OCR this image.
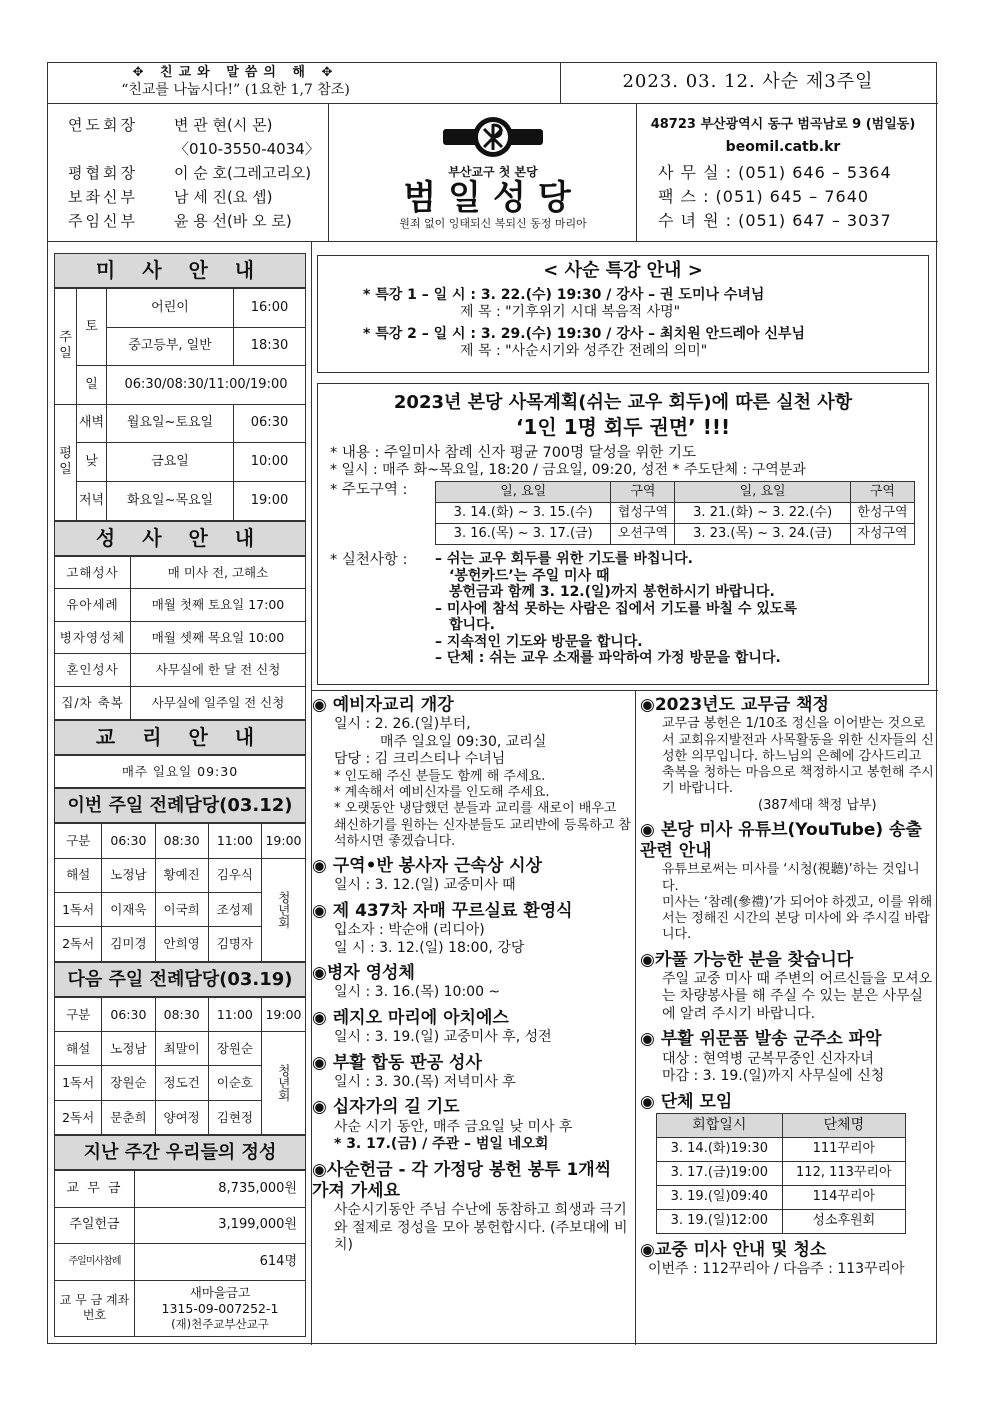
✥ 친교와 말씀의 해 ✥
“친교를 나눕시다!” (1요한 1,7 참조)	2023. 03. 12. 사순 제3주일
연도회장	변 관 현(시 몬)
〈010-3550-4034〉
평협회장	이 순 호(그레고리오)
보좌신부	남 세 진(요 셉)
주임신부	윤 용 선(바 오 로)
부산교구 첫 본당
범일성당
원죄 없이 잉태되신 복되신 동정 마리아
48723 부산광역시 동구 범곡남로 9 (범일동)
beomil.catb.kr
사 무 실 : (051) 646 – 5364
팩 스 : (051) 645 – 7640
수 녀 원 : (051) 647 – 3037
미 사 안 내
주일	토	어린이	16:00
		중고등부, 일반	18:30
	일	06:30/08:30/11:00/19:00	
평일	새벽	월요일~토요일	06:30
	낮	금요일	10:00
	저녁	화요일~목요일	19:00
성 사 안 내
고해성사	매 미사 전, 고해소
유아세례	매월 첫째 토요일 17:00
병자영성체	매월 셋째 목요일 10:00
혼인성사	사무실에 한 달 전 신청
집/차 축복	사무실에 일주일 전 신청
교 리 안 내
매주 일요일 09:30
이번 주일 전례담당(03.12)
구분	06:30	08:30	11:00	19:00
해설	노정남	황예진	김우식	청년회
1독서	이재욱	이국희	조성제	
2독서	김미경	안희영	김명자	
다음 주일 전례담당(03.19)
구분	06:30	08:30	11:00	19:00
해설	노정남	최말이	장원순	청년회
1독서	장원순	정도건	이순호	
2독서	문춘희	양여정	김현정	
지난 주간 우리들의 정성
교 무 금	8,735,000원
주일헌금	3,199,000원
주일미사참례	614명
교 무 금 계좌번호	새마을금고
1315-09-007252-1
(재)천주교부산교구
< 사순 특강 안내 >
* 특강 1 – 일 시 : 3. 22.(수) 19:30 / 강사 – 권 도미나 수녀님
제 목 : "기후위기 시대 복음적 사명"
* 특강 2 – 일 시 : 3. 29.(수) 19:30 / 강사 – 최치원 안드레아 신부님
제 목 : "사순시기와 성주간 전례의 의미"
2023년 본당 사목계획(쉬는 교우 회두)에 따른 실천 사항
‘1인 1명 회두 권면’ !!!
* 내용 : 주일미사 참례 신자 평균 700명 달성을 위한 기도
* 일시 : 매주 화~목요일, 18:20 / 금요일, 09:20, 성전 * 주도단체 : 구역분과
* 주도구역 :	일, 요일	구역	일, 요일	구역
3. 14.(화) ~ 3. 15.(수)	협성구역	3. 21.(화) ~ 3. 22.(수)	한성구역
3. 16.(목) ~ 3. 17.(금)	오션구역	3. 23.(목) ~ 3. 24.(금)	자성구역
* 실천사항 :	– 쉬는 교우 회두를 위한 기도를 바칩니다.
‘봉헌카드’는 주일 미사 때
봉헌금과 함께 3. 12.(일)까지 봉헌하시기 바랍니다.
– 미사에 참석 못하는 사람은 집에서 기도를 바칠 수 있도록
합니다.
– 지속적인 기도와 방문을 합니다.
– 단체 : 쉬는 교우 소재를 파악하여 가정 방문을 합니다.
◉ 예비자교리 개강
일시 : 2. 26.(일)부터,
매주 일요일 09:30, 교리실
담당 : 김 크리스티나 수녀님
* 인도해 주신 분들도 함께 해 주세요.
* 계속해서 예비신자를 인도해 주세요.
* 오랫동안 냉담했던 분들과 교리를 새로이 배우고 쇄신하기를 원하는 신자분들도 교리반에 등록하고 참석하시면 좋겠습니다.
◉ 구역•반 봉사자 근속상 시상
일시 : 3. 12.(일) 교중미사 때
◉ 제 437차 자매 꾸르실료 환영식
입소자 : 박순애 (리디아)
일 시 : 3. 12.(일) 18:00, 강당
◉병자 영성체
일시 : 3. 16.(목) 10:00 ~
◉ 레지오 마리에 아치에스
일시 : 3. 19.(일) 교중미사 후, 성전
◉ 부활 합동 판공 성사
일시 : 3. 30.(목) 저녁미사 후
◉ 십자가의 길 기도
사순 시기 동안, 매주 금요일 낮 미사 후
* 3. 17.(금) / 주관 – 범일 네오회
◉사순헌금 - 각 가정당 봉헌 봉투 1개씩 가져 가세요
사순시기동안 주님 수난에 동참하고 희생과 극기와 절제로 정성을 모아 봉헌합시다. (주보대에 비치)
◉2023년도 교무금 책정
교무금 봉헌은 1/10조 정신을 이어받는 것으로서 교회유지발전과 사목활동을 위한 신자들의 신성한 의무입니다. 하느님의 은혜에 감사드리고 축복을 청하는 마음으로 책정하시고 봉헌해 주시기 바랍니다.
(387세대 책정 납부)
◉ 본당 미사 유튜브(YouTube) 송출 관련 안내
유튜브로써는 미사를 ‘시청(視聽)’하는 것입니다.
미사는 ‘참례(參禮)’가 되어야 하겠고, 이를 위해서는 정해진 시간의 본당 미사에 와 주시길 바랍니다.
◉카풀 가능한 분을 찾습니다
주일 교중 미사 때 주변의 어르신들을 모셔오는 차량봉사를 해 주실 수 있는 분은 사무실에 알려 주시기 바랍니다.
◉ 부활 위문품 발송 군주소 파악
대상 : 현역병 군복무중인 신자자녀
마감 : 3. 19.(일)까지 사무실에 신청
◉ 단체 모임
회합일시	단체명
3. 14.(화)19:30	111꾸리아
3. 17.(금)19:00	112, 113꾸리아
3. 19.(일)09:40	114꾸리아
3. 19.(일)12:00	성소후원회
◉교중 미사 안내 및 청소
이번주 : 112꾸리아 / 다음주 : 113꾸리아
